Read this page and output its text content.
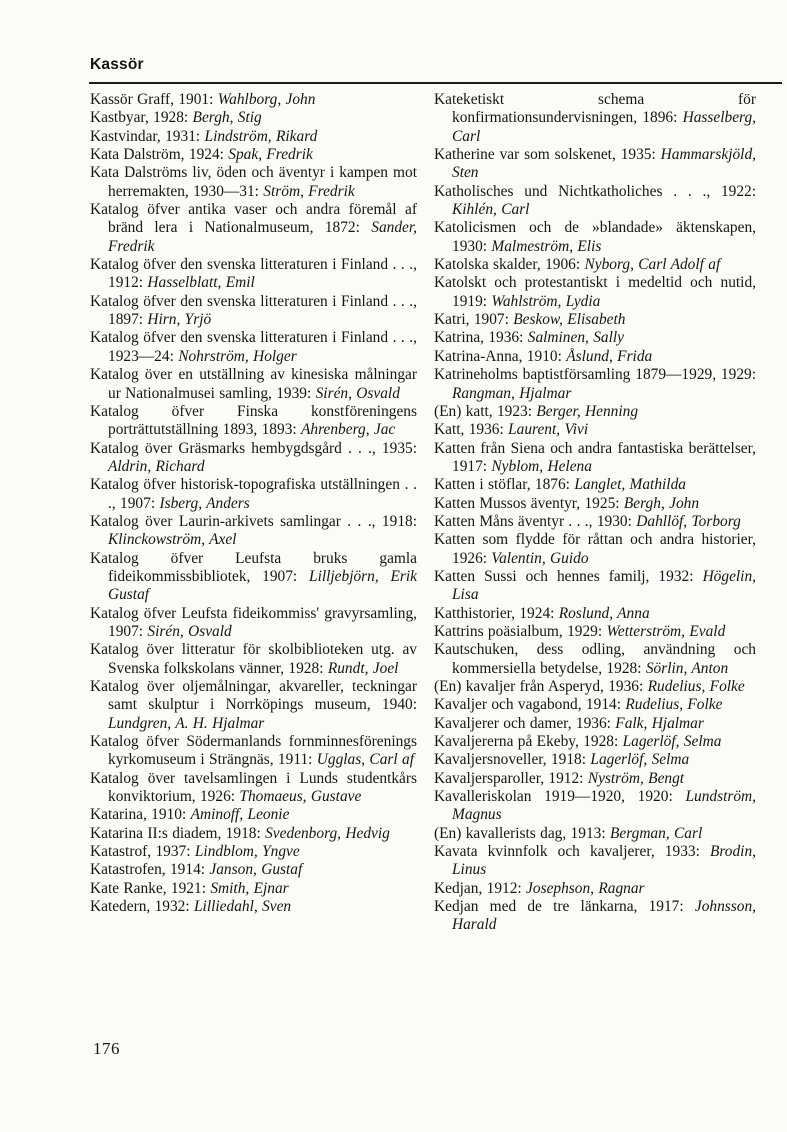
Kassör
Kassör Graff, 1901: Wahlborg, John
Kastbyar, 1928: Bergh, Stig
Kastvindar, 1931: Lindström, Rikard
Kata Dalström, 1924: Spak, Fredrik
Kata Dalströms liv, öden och äventyr i kampen mot herremakten, 1930—31: Ström, Fredrik
Katalog öfver antika vaser och andra föremål af bränd lera i Nationalmuseum, 1872: Sander, Fredrik
Katalog öfver den svenska litteraturen i Finland . . ., 1912: Hasselblatt, Emil
Katalog öfver den svenska litteraturen i Finland . . ., 1897: Hirn, Yrjö
Katalog öfver den svenska litteraturen i Finland . . ., 1923—24: Nohrström, Holger
Katalog över en utställning av kinesiska målningar ur Nationalmusei samling, 1939: Sirén, Osvald
Katalog öfver Finska konstföreningens porträttutställning 1893, 1893: Ahrenberg, Jac
Katalog över Gräsmarks hembygdsgård . . ., 1935: Aldrin, Richard
Katalog öfver historisk-topografiska utställningen . . ., 1907: Isberg, Anders
Katalog över Laurin-arkivets samlingar . . ., 1918: Klinckowström, Axel
Katalog öfver Leufsta bruks gamla fideikommissbibliotek, 1907: Lilljebjörn, Erik Gustaf
Katalog öfver Leufsta fideikommiss' gravyrsamling, 1907: Sirén, Osvald
Katalog över litteratur för skolbiblioteken utg. av Svenska folkskolans vänner, 1928: Rundt, Joel
Katalog över oljemålningar, akvareller, teckningar samt skulptur i Norrköpings museum, 1940: Lundgren, A. H. Hjalmar
Katalog öfver Södermanlands fornminnesförenings kyrkomuseum i Strängnäs, 1911: Ugglas, Carl af
Katalog över tavelsamlingen i Lunds studentkårs konviktorium, 1926: Thomaeus, Gustave
Katarina, 1910: Aminoff, Leonie
Katarina II:s diadem, 1918: Svedenborg, Hedvig
Katastrof, 1937: Lindblom, Yngve
Katastrofen, 1914: Janson, Gustaf
Kate Ranke, 1921: Smith, Ejnar
Katedern, 1932: Lilliedahl, Sven
Kateketiskt schema för konfirmationsundervisningen, 1896: Hasselberg, Carl
Katherine var som solskenet, 1935: Hammarskjöld, Sten
Katholisches und Nichtkatholiches . . ., 1922: Kihlén, Carl
Katolicismen och de »blandade» äktenskapen, 1930: Malmeström, Elis
Katolska skalder, 1906: Nyborg, Carl Adolf af
Katolskt och protestantiskt i medeltid och nutid, 1919: Wahlström, Lydia
Katri, 1907: Beskow, Elisabeth
Katrina, 1936: Salminen, Sally
Katrina-Anna, 1910: Åslund, Frida
Katrineholms baptistförsamling 1879—1929, 1929: Rangman, Hjalmar
(En) katt, 1923: Berger, Henning
Katt, 1936: Laurent, Vivi
Katten från Siena och andra fantastiska berättelser, 1917: Nyblom, Helena
Katten i stöflar, 1876: Langlet, Mathilda
Katten Mussos äventyr, 1925: Bergh, John
Katten Måns äventyr . . ., 1930: Dahllöf, Torborg
Katten som flydde för råttan och andra historier, 1926: Valentin, Guido
Katten Sussi och hennes familj, 1932: Högelin, Lisa
Katthistorier, 1924: Roslund, Anna
Kattrins poäsialbum, 1929: Wetterström, Evald
Kautschuken, dess odling, användning och kommersiella betydelse, 1928: Sörlin, Anton
(En) kavaljer från Asperyd, 1936: Rudelius, Folke
Kavaljer och vagabond, 1914: Rudelius, Folke
Kavaljerer och damer, 1936: Falk, Hjalmar
Kavaljererna på Ekeby, 1928: Lagerlöf, Selma
Kavaljersnoveller, 1918: Lagerlöf, Selma
Kavaljersparoller, 1912: Nyström, Bengt
Kavalleriskolan 1919—1920, 1920: Lundström, Magnus
(En) kavallerists dag, 1913: Bergman, Carl
Kavata kvinnfolk och kavaljerer, 1933: Brodin, Linus
Kedjan, 1912: Josephson, Ragnar
Kedjan med de tre länkarna, 1917: Johnsson, Harald
176
